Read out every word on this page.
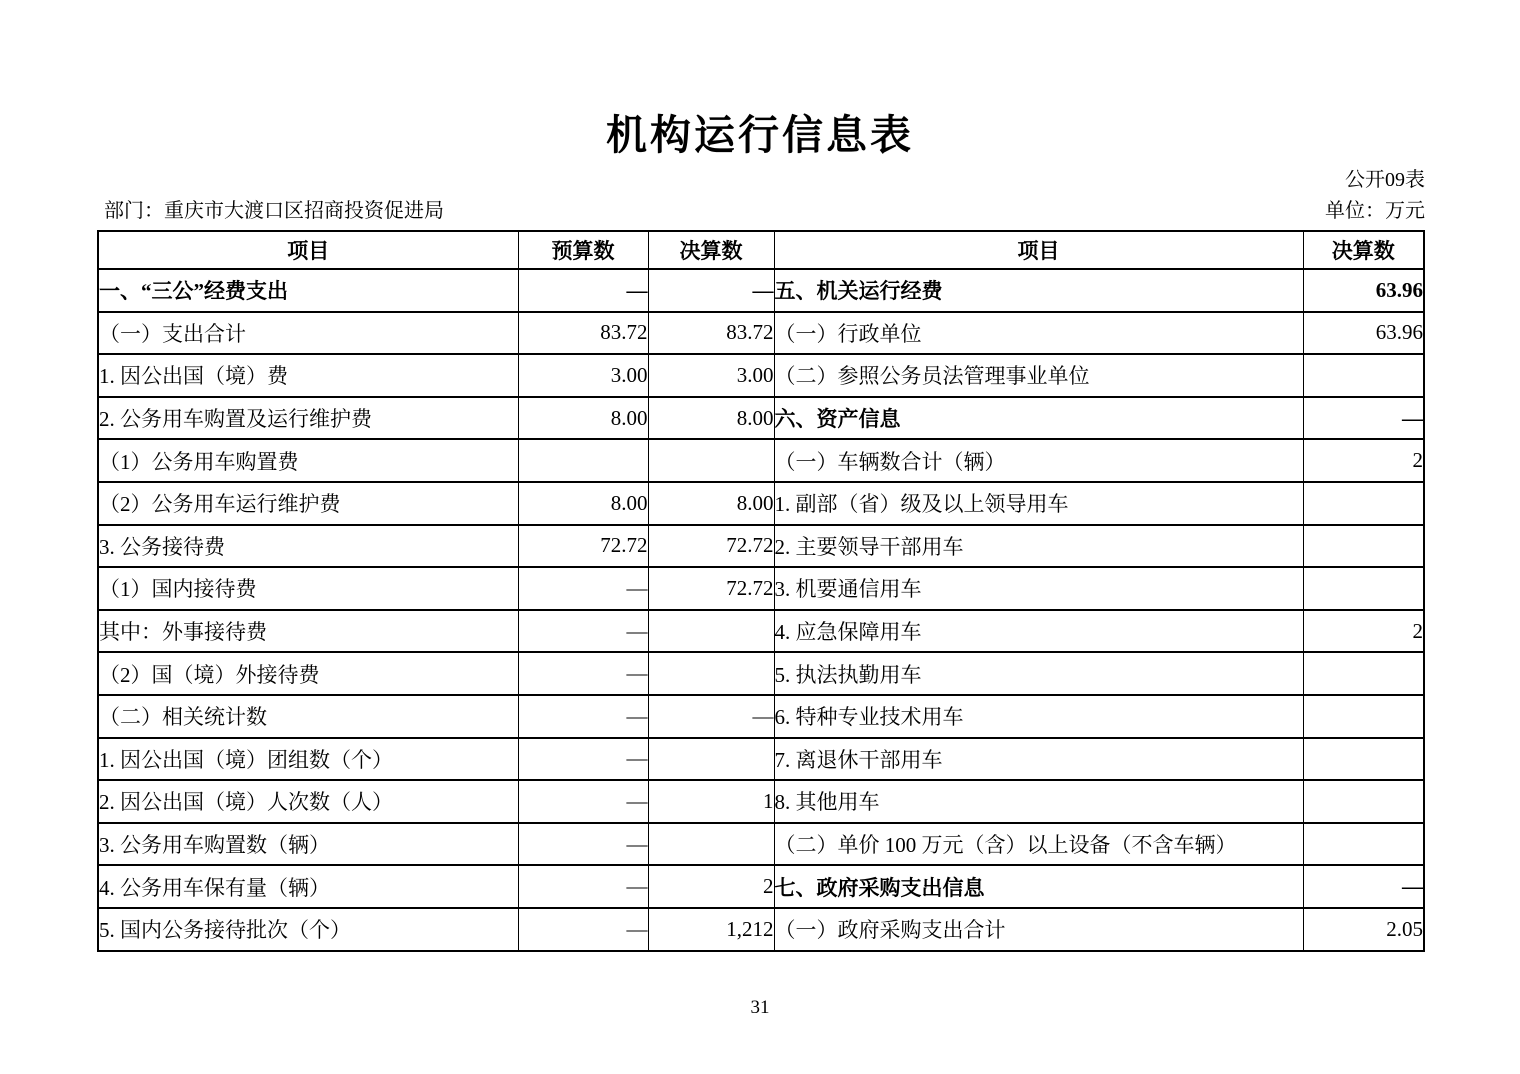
机构运行信息表
公开09表
部门：重庆市大渡口区招商投资促进局	单位：万元
项目	预算数	决算数	项目	决算数
一、“三公”经费支出	—	—	五、机关运行经费	63.96
（一）支出合计	83.72	83.72	（一）行政单位	63.96
1. 因公出国（境）费	3.00	3.00	（二）参照公务员法管理事业单位	
2. 公务用车购置及运行维护费	8.00	8.00	六、资产信息	—
（1）公务用车购置费			（一）车辆数合计（辆）	2
（2）公务用车运行维护费	8.00	8.00	1. 副部（省）级及以上领导用车	
3. 公务接待费	72.72	72.72	2. 主要领导干部用车	
（1）国内接待费	—	72.72	3. 机要通信用车	
其中：外事接待费	—		4. 应急保障用车	2
（2）国（境）外接待费	—		5. 执法执勤用车	
（二）相关统计数	—	—	6. 特种专业技术用车	
1. 因公出国（境）团组数（个）	—		7. 离退休干部用车	
2. 因公出国（境）人次数（人）	—	1	8. 其他用车	
3. 公务用车购置数（辆）	—		（二）单价 100 万元（含）以上设备（不含车辆）	
4. 公务用车保有量（辆）	—	2	七、政府采购支出信息	—
5. 国内公务接待批次（个）	—	1,212	（一）政府采购支出合计	2.05
31
